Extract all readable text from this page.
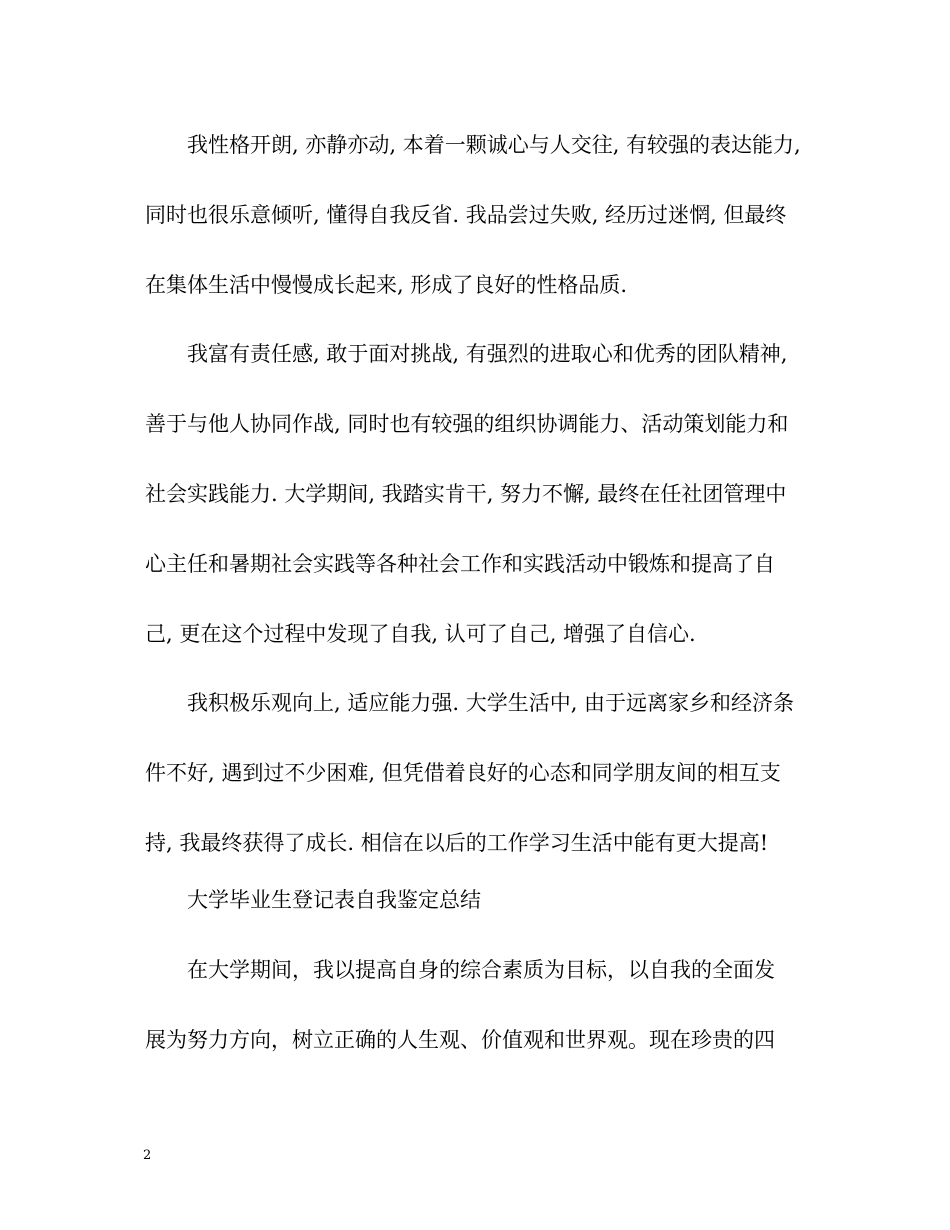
我性格开朗, 亦静亦动, 本着一颗诚心与人交往, 有较强的表达能力,
同时也很乐意倾听, 懂得自我反省. 我品尝过失败, 经历过迷惘, 但最终
在集体生活中慢慢成长起来, 形成了良好的性格品质.
我富有责任感, 敢于面对挑战, 有强烈的进取心和优秀的团队精神,
善于与他人协同作战, 同时也有较强的组织协调能力、活动策划能力和
社会实践能力. 大学期间, 我踏实肯干, 努力不懈, 最终在任社团管理中
心主任和暑期社会实践等各种社会工作和实践活动中锻炼和提高了自
己, 更在这个过程中发现了自我, 认可了自己, 增强了自信心.
我积极乐观向上, 适应能力强. 大学生活中, 由于远离家乡和经济条
件不好, 遇到过不少困难, 但凭借着良好的心态和同学朋友间的相互支
持, 我最终获得了成长. 相信在以后的工作学习生活中能有更大提高!
大学毕业生登记表自我鉴定总结
在大学期间，我以提高自身的综合素质为目标，以自我的全面发
展为努力方向，树立正确的人生观、价值观和世界观。现在珍贵的四
2
